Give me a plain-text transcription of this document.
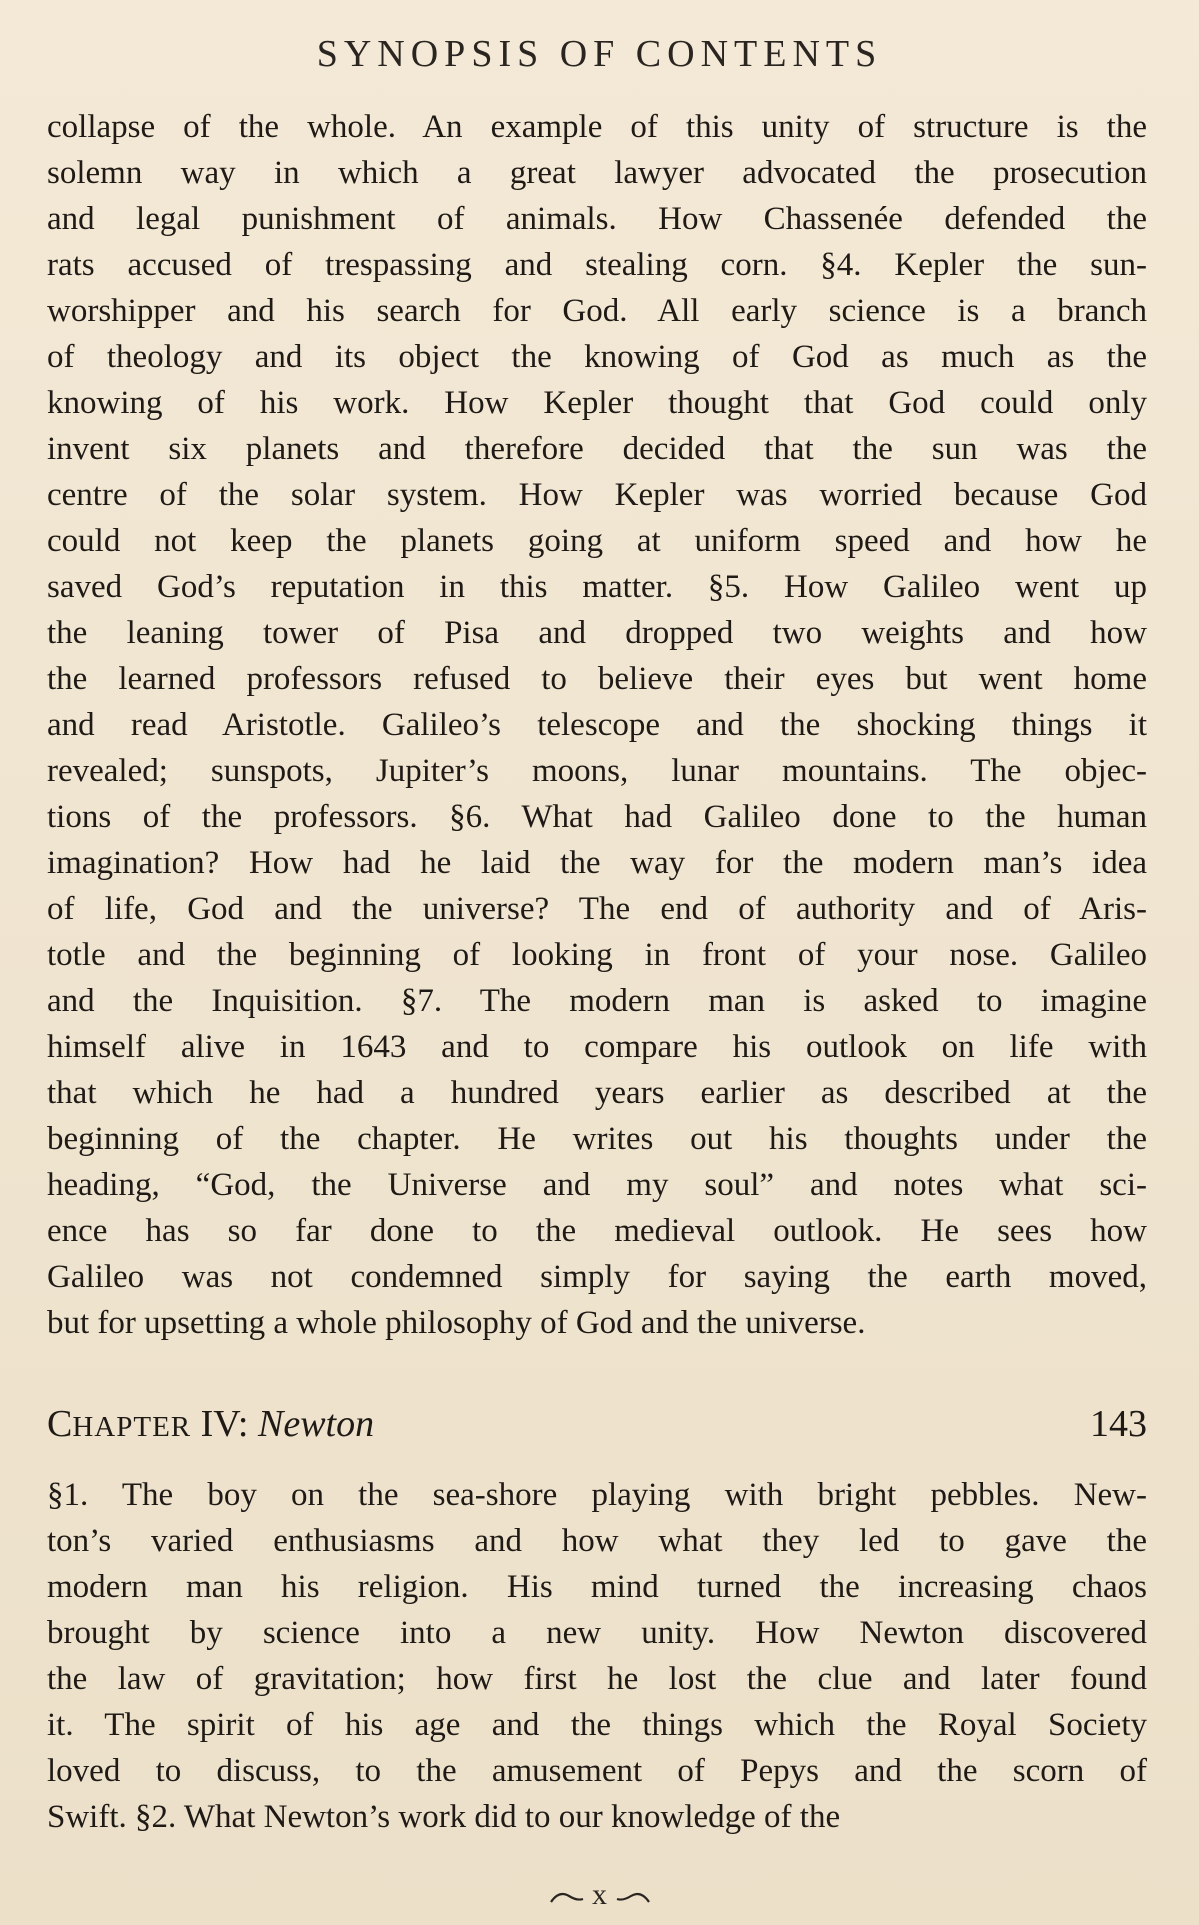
SYNOPSIS OF CONTENTS
collapse of the whole. An example of this unity of structure is the
solemn way in which a great lawyer advocated the prosecution
and legal punishment of animals. How Chassenée defended the
rats accused of trespassing and stealing corn. §4. Kepler the sun-
worshipper and his search for God. All early science is a branch
of theology and its object the knowing of God as much as the
knowing of his work. How Kepler thought that God could only
invent six planets and therefore decided that the sun was the
centre of the solar system. How Kepler was worried because God
could not keep the planets going at uniform speed and how he
saved God’s reputation in this matter. §5. How Galileo went up
the leaning tower of Pisa and dropped two weights and how
the learned professors refused to believe their eyes but went home
and read Aristotle. Galileo’s telescope and the shocking things it
revealed; sunspots, Jupiter’s moons, lunar mountains. The objec-
tions of the professors. §6. What had Galileo done to the human
imagination? How had he laid the way for the modern man’s idea
of life, God and the universe? The end of authority and of Aris-
totle and the beginning of looking in front of your nose. Galileo
and the Inquisition. §7. The modern man is asked to imagine
himself alive in 1643 and to compare his outlook on life with
that which he had a hundred years earlier as described at the
beginning of the chapter. He writes out his thoughts under the
heading, “God, the Universe and my soul” and notes what sci-
ence has so far done to the medieval outlook. He sees how
Galileo was not condemned simply for saying the earth moved,
but for upsetting a whole philosophy of God and the universe.
CHAPTER IV: Newton	143
§1. The boy on the sea-shore playing with bright pebbles. New-
ton’s varied enthusiasms and how what they led to gave the
modern man his religion. His mind turned the increasing chaos
brought by science into a new unity. How Newton discovered
the law of gravitation; how first he lost the clue and later found
it. The spirit of his age and the things which the Royal Society
loved to discuss, to the amusement of Pepys and the scorn of
Swift. §2. What Newton’s work did to our knowledge of the
x
